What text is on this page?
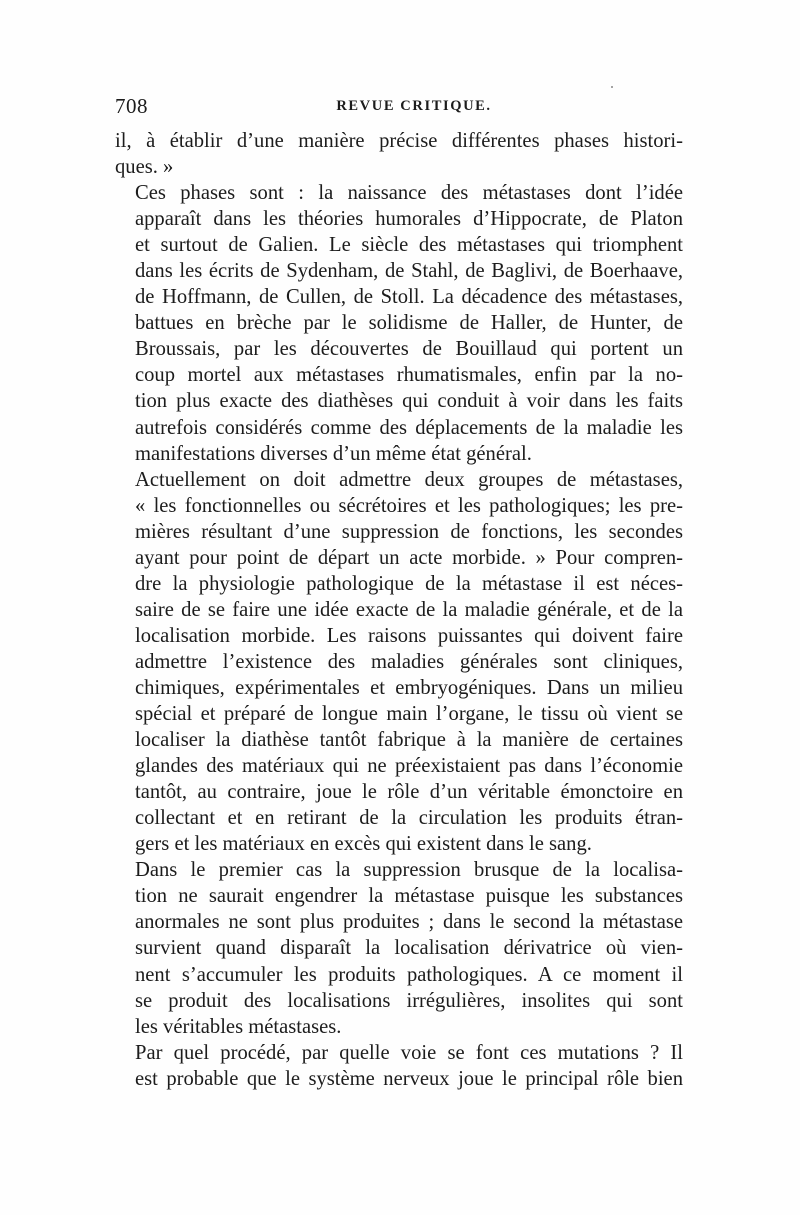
708	REVUE CRITIQUE.

il, à établir d’une manière précise différentes phases histori-
ques. »

Ces phases sont : la naissance des métastases dont l’idée
apparaît dans les théories humorales d’Hippocrate, de Platon
et surtout de Galien. Le siècle des métastases qui triomphent
dans les écrits de Sydenham, de Stahl, de Baglivi, de Boerhaave,
de Hoffmann, de Cullen, de Stoll. La décadence des métastases,
battues en brèche par le solidisme de Haller, de Hunter, de
Broussais, par les découvertes de Bouillaud qui portent un
coup mortel aux métastases rhumatismales, enfin par la no-
tion plus exacte des diathèses qui conduit à voir dans les faits
autrefois considérés comme des déplacements de la maladie les
manifestations diverses d’un même état général.

Actuellement on doit admettre deux groupes de métastases,
« les fonctionnelles ou sécrétoires et les pathologiques; les pre-
mières résultant d’une suppression de fonctions, les secondes
ayant pour point de départ un acte morbide. » Pour compren-
dre la physiologie pathologique de la métastase il est néces-
saire de se faire une idée exacte de la maladie générale, et de la
localisation morbide. Les raisons puissantes qui doivent faire
admettre l’existence des maladies générales sont cliniques,
chimiques, expérimentales et embryogéniques. Dans un milieu
spécial et préparé de longue main l’organe, le tissu où vient se
localiser la diathèse tantôt fabrique à la manière de certaines
glandes des matériaux qui ne préexistaient pas dans l’économie
tantôt, au contraire, joue le rôle d’un véritable émonctoire en
collectant et en retirant de la circulation les produits étran-
gers et les matériaux en excès qui existent dans le sang.

Dans le premier cas la suppression brusque de la localisa-
tion ne saurait engendrer la métastase puisque les substances
anormales ne sont plus produites ; dans le second la métastase
survient quand disparaît la localisation dérivatrice où vien-
nent s’accumuler les produits pathologiques. A ce moment il
se produit des localisations irrégulières, insolites qui sont
les véritables métastases.

Par quel procédé, par quelle voie se font ces mutations ? Il
est probable que le système nerveux joue le principal rôle bien
